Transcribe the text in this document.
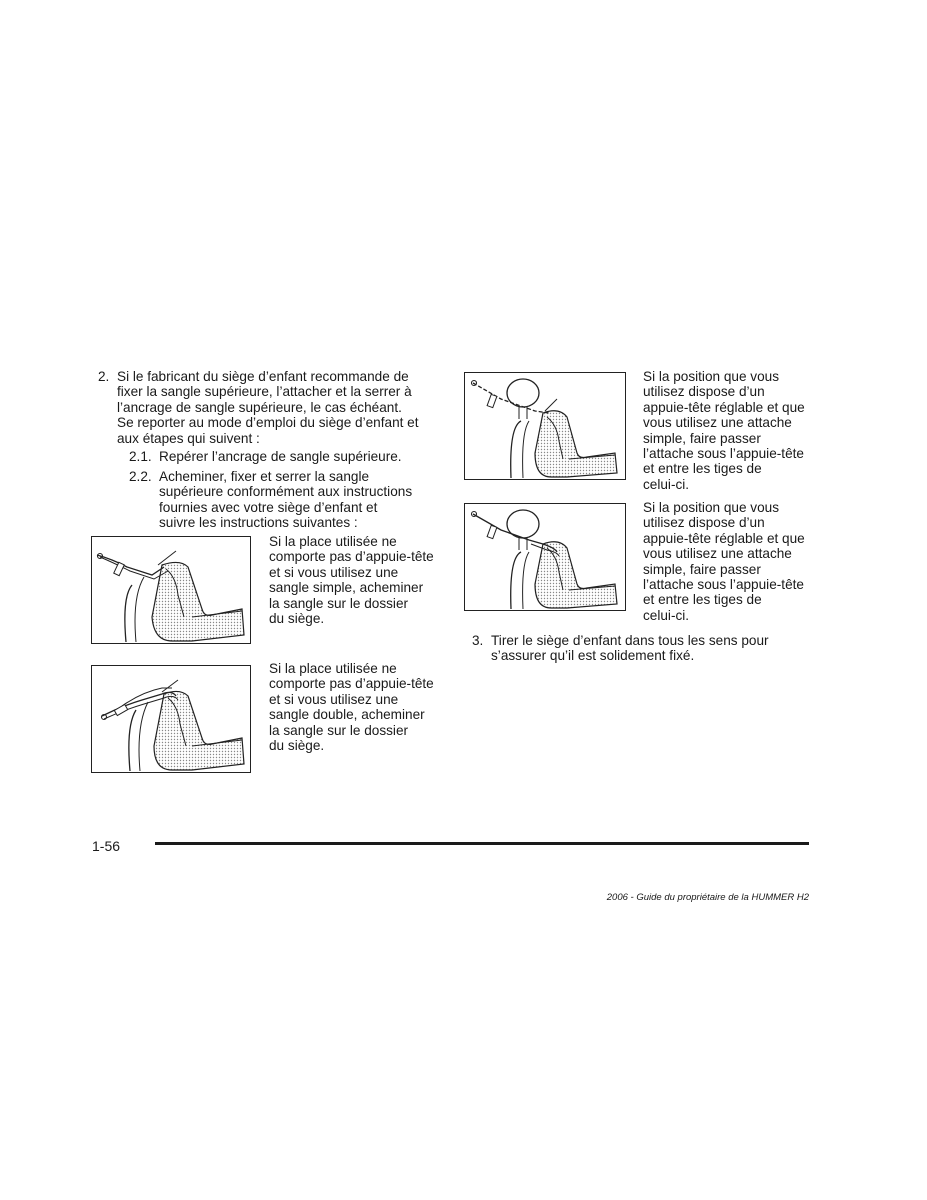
2. Si le fabricant du siège d’enfant recommande de
fixer la sangle supérieure, l’attacher et la serrer à
l’ancrage de sangle supérieure, le cas échéant.
Se reporter au mode d’emploi du siège d’enfant et
aux étapes qui suivent :
2.1. Repérer l’ancrage de sangle supérieure.
2.2. Acheminer, fixer et serrer la sangle
supérieure conformément aux instructions
fournies avec votre siège d’enfant et
suivre les instructions suivantes :
Si la place utilisée ne
comporte pas d’appuie-tête
et si vous utilisez une
sangle simple, acheminer
la sangle sur le dossier
du siège.
Si la place utilisée ne
comporte pas d’appuie-tête
et si vous utilisez une
sangle double, acheminer
la sangle sur le dossier
du siège.
Si la position que vous
utilisez dispose d’un
appuie-tête réglable et que
vous utilisez une attache
simple, faire passer
l’attache sous l’appuie-tête
et entre les tiges de
celui-ci.
Si la position que vous
utilisez dispose d’un
appuie-tête réglable et que
vous utilisez une attache
simple, faire passer
l’attache sous l’appuie-tête
et entre les tiges de
celui-ci.
3. Tirer le siège d’enfant dans tous les sens pour
s’assurer qu’il est solidement fixé.
1-56
2006 - Guide du propriétaire de la HUMMER H2
